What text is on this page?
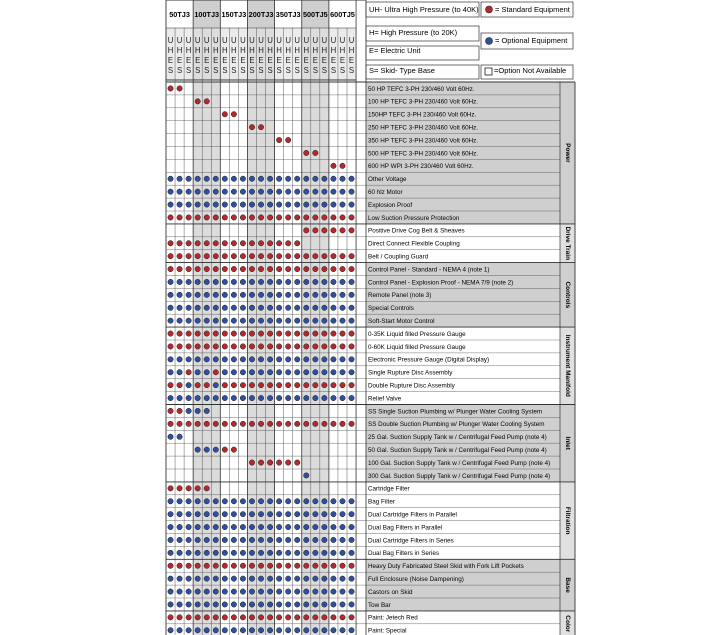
UH- Ultra High Pressure (to 40K)
H= High Pressure (to 20K)
E= Electric Unit
S= Skid- Type Base
= Standard Equipment
= Optional Equipment
=Option Not Available
50TJ3 100TJ3 150TJ3 200TJ3 350TJ3 500TJ5 600TJ5
U
H
E
S
U
H
E
S
U
H
E
S
U
H
E
S
U
H
E
S
U
H
E
S
U
H
E
S
U
H
E
S
U
H
E
S
U
H
E
S
U
H
E
S
U
H
E
S
U
H
E
S
U
H
E
S
U
H
E
S
U
H
E
S
U
H
E
S
U
H
E
S
U
H
E
S
U
H
E
S
U
H
E
S
50 HP TEFC 3-PH 230/460 Volt 60Hz.
100 HP TEFC 3-PH 230/460 Volt 60Hz.
150HP TEFC 3-PH 230/460 Volt 60Hz.
250 HP TEFC 3-PH 230/460 Volt 60Hz.
350 HP TEFC 3-PH 230/460 Volt 60Hz.
500 HP TEFC 3-PH 230/460 Volt 60Hz.
600 HP WPI 3-PH 230/460 Volt 60Hz.
Other Voltage
60 hlz Motor
Explosion Proof
Low Suction Pressure Protection
Positive Drive Cog Belt & Sheaves
Direct Connect Flexible Coupling
Belt / Coupling Guard
Control Panel - Standard - NEMA 4 (note 1)
Control Panel - Explosion Proof - NEMA 7/9 (note 2)
Remote Panel (note 3)
Special Controls
Soft-Start Motor Control
0-35K Liquid filled Pressure Gauge
0-60K Liquid filled Pressure Gauge
Electronic Pressure Gauge (Digital Display)
Single Rupture Disc Assembly
Double Rupture Disc Assembly
Relief Valve
SS Single Suction Plumbing w/ Plunger Water Cooling System
SS Double Suction Plumbing w/ Plunger Water Cooling System
25 Gal. Suction Supply Tank w / Centrifugal Feed Pump (note 4)
50 Gal. Suction Supply Tank w / Centrifugal Feed Pump (note 4)
100 Gal. Suction Supply Tank w / Centrifugal Feed Pump (note 4)
300 Gal. Suction Supply Tank w / Centrifugal Feed Pump (note 4)
Cartridge Filter
Bag Filter
Dual Cartridge Filters in Parallel
Dual Bag Filters in Parallel
Dual Cartridge Filters in Series
Dual Bag Filters in Series
Heavy Duty Fabricated Steel Skid with Fork Lift Pockets
Full Enclosure (Noise Dampening)
Castors on Skid
Tow Bar
Paint: Jetech Red
Paint: Special
Power
Drive Train
Controls
Instrument Manifold
Inlet
Filtration
Base
Color
